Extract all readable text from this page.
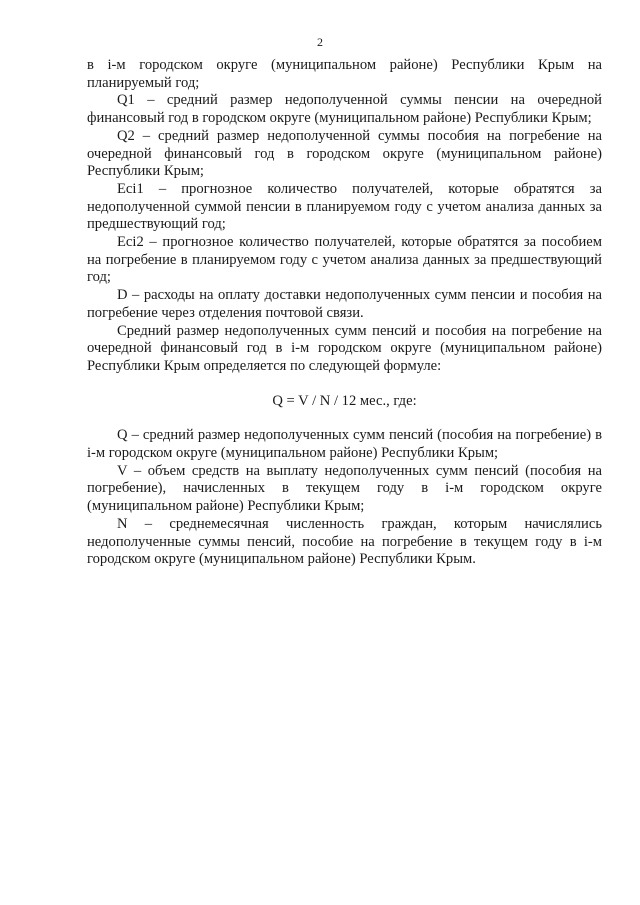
2

в i-м городском округе (муниципальном районе) Республики Крым на планируемый год;

Q1 – средний размер недополученной суммы пенсии на очередной финансовый год в городском округе (муниципальном районе) Республики Крым;

Q2 – средний размер недополученной суммы пособия на погребение на очередной финансовый год в городском округе (муниципальном районе) Республики Крым;

Eci1 – прогнозное количество получателей, которые обратятся за недополученной суммой пенсии в планируемом году с учетом анализа данных за предшествующий год;

Eci2 – прогнозное количество получателей, которые обратятся за пособием на погребение в планируемом году с учетом анализа данных за предшествующий год;

D – расходы на оплату доставки недополученных сумм пенсии и пособия на погребение через отделения почтовой связи.

Средний размер недополученных сумм пенсий и пособия на погребение на очередной финансовый год в i-м городском округе (муниципальном районе) Республики Крым определяется по следующей формуле:

Q = V / N / 12 мес., где:

Q – средний размер недополученных сумм пенсий (пособия на погребение) в i-м городском округе (муниципальном районе) Республики Крым;

V – объем средств на выплату недополученных сумм пенсий (пособия на погребение), начисленных в текущем году в i-м городском округе (муниципальном районе) Республики Крым;

N – среднемесячная численность граждан, которым начислялись недополученные суммы пенсий, пособие на погребение в текущем году в i-м городском округе (муниципальном районе) Республики Крым.
